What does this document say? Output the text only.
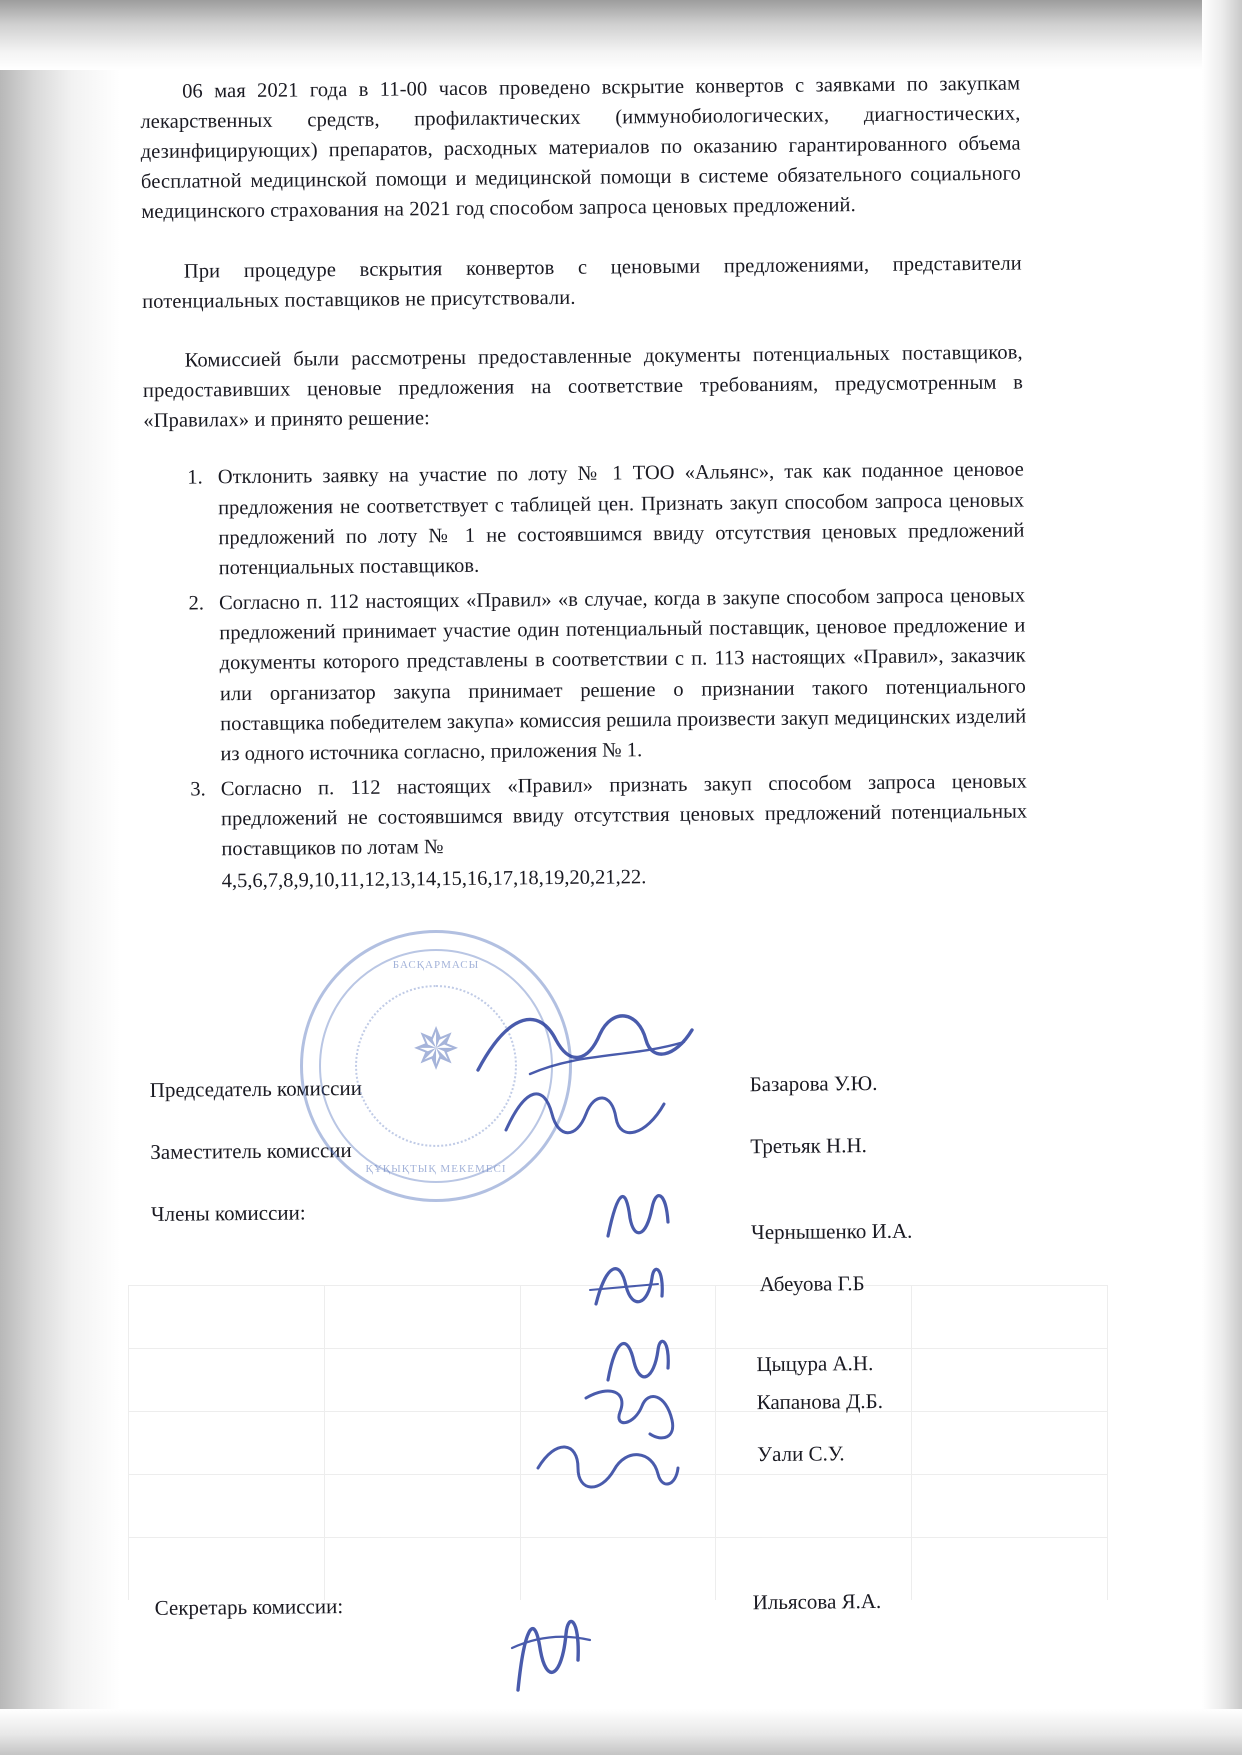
06 мая 2021 года в 11-00 часов проведено вскрытие конвертов с заявками по закупкам лекарственных средств, профилактических (иммунобиологических, диагностических, дезинфицирующих) препаратов, расходных материалов по оказанию гарантированного объема бесплатной медицинской помощи и медицинской помощи в системе обязательного социального медицинского страхования на 2021 год способом запроса ценовых предложений.

При процедуре вскрытия конвертов с ценовыми предложениями, представители потенциальных поставщиков не присутствовали.

Комиссией были рассмотрены предоставленные документы потенциальных поставщиков, предоставивших ценовые предложения на соответствие требованиям, предусмотренным в «Правилах» и принято решение:

1. Отклонить заявку на участие по лоту № 1 ТОО «Альянс», так как поданное ценовое предложения не соответствует с таблицей цен. Признать закуп способом запроса ценовых предложений по лоту № 1 не состоявшимся ввиду отсутствия ценовых предложений потенциальных поставщиков.
2. Согласно п. 112 настоящих «Правил» «в случае, когда в закупе способом запроса ценовых предложений принимает участие один потенциальный поставщик, ценовое предложение и документы которого представлены в соответствии с п. 113 настоящих «Правил», заказчик или организатор закупа принимает решение о признании такого потенциального поставщика победителем закупа» комиссия решила произвести закуп медицинских изделий из одного источника согласно, приложения № 1.
3. Согласно п. 112 настоящих «Правил» признать закуп способом запроса ценовых предложений не состоявшимся ввиду отсутствия ценовых предложений потенциальных поставщиков по лотам №
4,5,6,7,8,9,10,11,12,13,14,15,16,17,18,19,20,21,22.
Председатель комиссии	Базарова У.Ю.
Заместитель комиссии	Третьяк Н.Н.
Члены комиссии:
Чернышенко И.А.
Абеуова Г.Б
Цыцура А.Н.
Капанова Д.Б.
Уали С.У.
Секретарь комиссии:	Ильясова Я.А.
БАСҚАРМАСЫ
✵
ҚҰҚЫҚТЫҚ МЕКЕМЕСІ
